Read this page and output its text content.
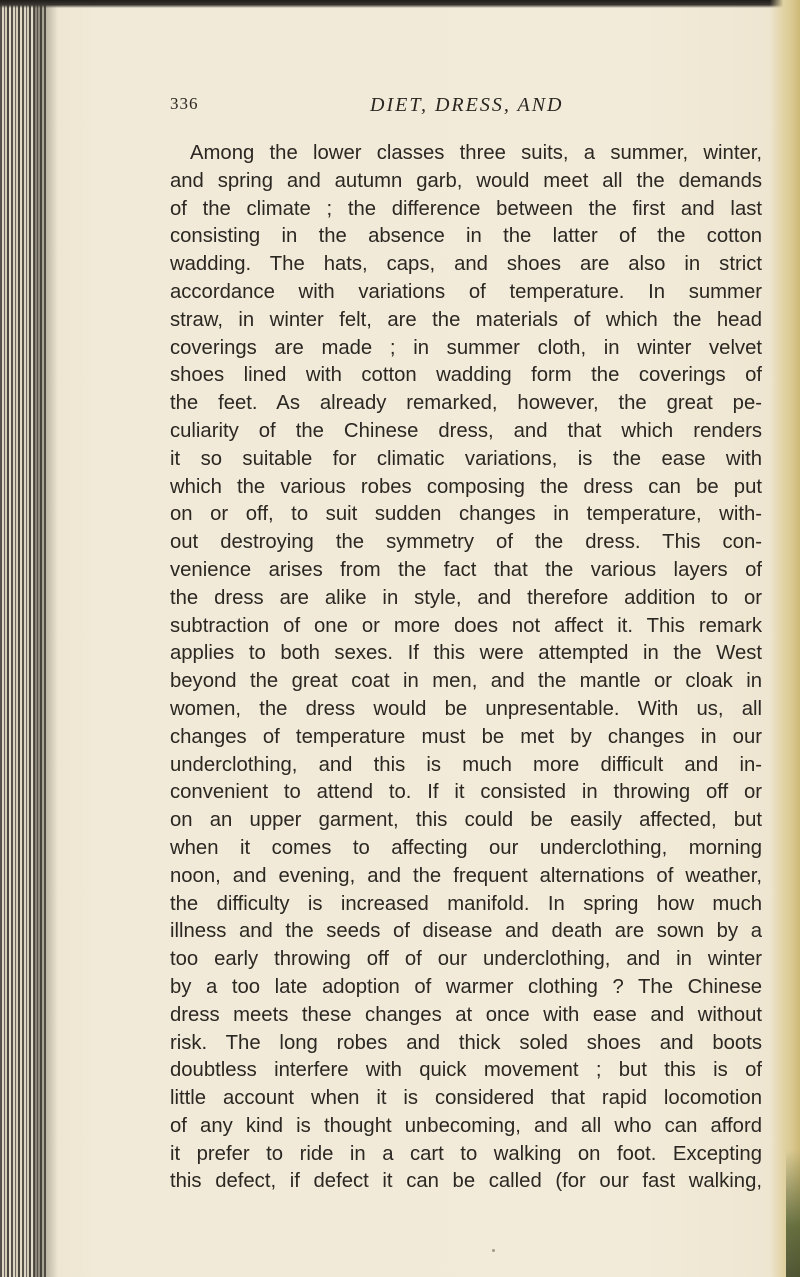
336	DIET, DRESS, AND
Among the lower classes three suits, a summer, winter,
and spring and autumn garb, would meet all the demands
of the climate ; the difference between the first and last
consisting in the absence in the latter of the cotton
wadding. The hats, caps, and shoes are also in strict
accordance with variations of temperature. In summer
straw, in winter felt, are the materials of which the head
coverings are made ; in summer cloth, in winter velvet
shoes lined with cotton wadding form the coverings of
the feet. As already remarked, however, the great pe-
culiarity of the Chinese dress, and that which renders
it so suitable for climatic variations, is the ease with
which the various robes composing the dress can be put
on or off, to suit sudden changes in temperature, with-
out destroying the symmetry of the dress. This con-
venience arises from the fact that the various layers of
the dress are alike in style, and therefore addition to or
subtraction of one or more does not affect it. This remark
applies to both sexes. If this were attempted in the West
beyond the great coat in men, and the mantle or cloak in
women, the dress would be unpresentable. With us, all
changes of temperature must be met by changes in our
underclothing, and this is much more difficult and in-
convenient to attend to. If it consisted in throwing off or
on an upper garment, this could be easily affected, but
when it comes to affecting our underclothing, morning
noon, and evening, and the frequent alternations of weather,
the difficulty is increased manifold. In spring how much
illness and the seeds of disease and death are sown by a
too early throwing off of our underclothing, and in winter
by a too late adoption of warmer clothing ? The Chinese
dress meets these changes at once with ease and without
risk. The long robes and thick soled shoes and boots
doubtless interfere with quick movement ; but this is of
little account when it is considered that rapid locomotion
of any kind is thought unbecoming, and all who can afford
it prefer to ride in a cart to walking on foot. Excepting
this defect, if defect it can be called (for our fast walking,
